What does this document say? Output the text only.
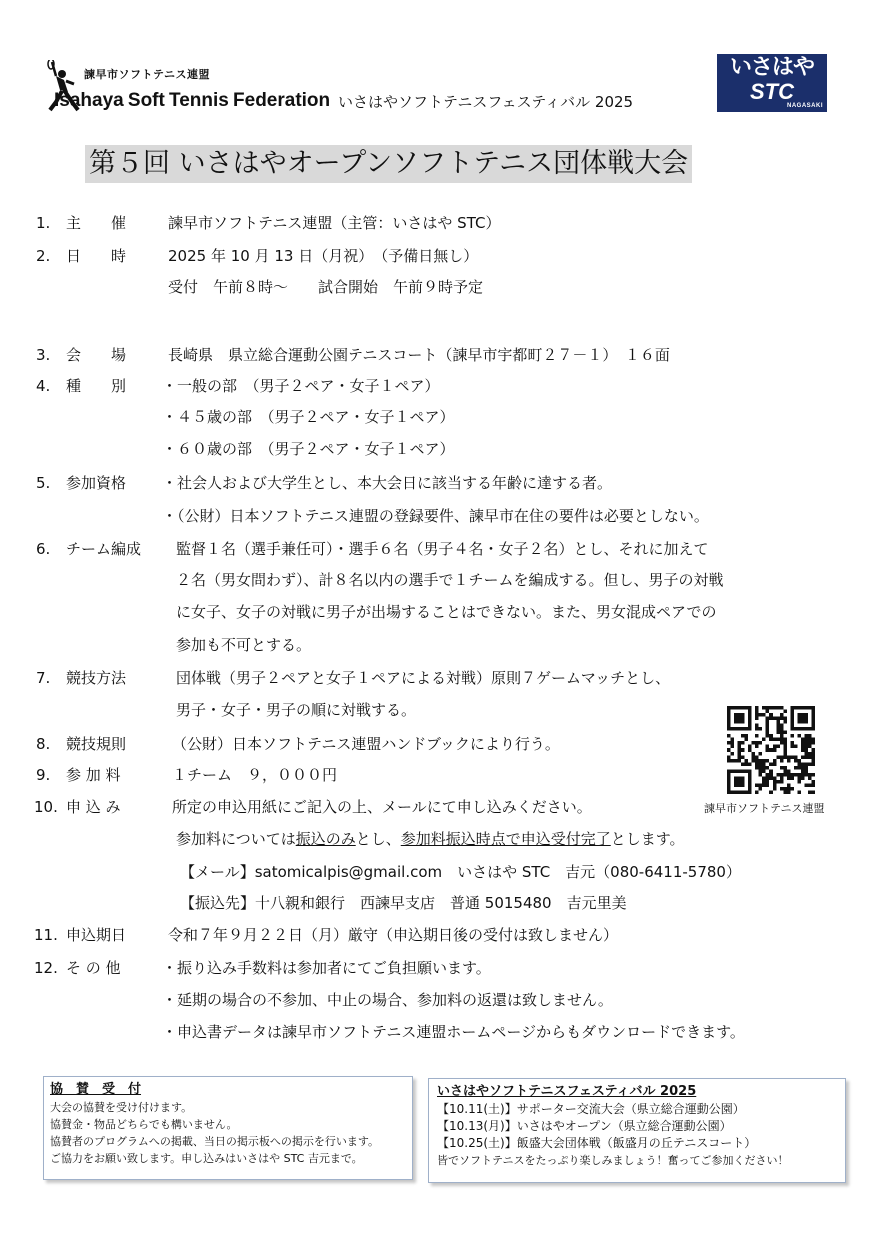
諫早市ソフトテニス連盟
Isahaya Soft Tennis Federation いさはやソフトテニスフェスティバル 2025
いさはや
STC
NAGASAKI
第５回 いさはやオープンソフトテニス団体戦大会
1. 主　　催	諫早市ソフトテニス連盟（主管：いさはや STC）
2. 日　　時	2025 年 10 月 13 日（月祝）　（予備日無し）
受付　午前８時～　　試合開始　午前９時予定
3. 会　　場	長崎県　県立総合運動公園テニスコート（諫早市宇都町２７－１）　１６面
4. 種　　別 ・一般の部　（男子２ペア・女子１ペア）
・４５歳の部　（男子２ペア・女子１ペア）
・６０歳の部　（男子２ペア・女子１ペア）
5. 参加資格 ・社会人および大学生とし、本大会日に該当する年齢に達する者。
・（公財）日本ソフトテニス連盟の登録要件、諫早市在住の要件は必要としない。
6. チーム編成 監督１名（選手兼任可）・選手６名（男子４名・女子２名）とし、それに加えて
２名（男女問わず）、計８名以内の選手で１チームを編成する。但し、男子の対戦
に女子、女子の対戦に男子が出場することはできない。また、男女混成ペアでの
参加も不可とする。
7. 競技方法	団体戦（男子２ペアと女子１ペアによる対戦）原則７ゲームマッチとし、
男子・女子・男子の順に対戦する。
8. 競技規則	（公財）日本ソフトテニス連盟ハンドブックにより行う。
9. 参 加 料	１チーム　９，０００円
10. 申 込 み	所定の申込用紙にご記入の上、メールにて申し込みください。
参加料については振込のみとし、参加料振込時点で申込受付完了とします。
【メール】satomicalpis@gmail.com　いさはや STC　吉元（080-6411-5780）
【振込先】十八親和銀行　西諫早支店　普通 5015480　吉元里美
11. 申込期日	令和７年９月２２日（月）厳守（申込期日後の受付は致しません）
12. そ の 他	・振り込み手数料は参加者にてご負担願います。
・延期の場合の不参加、中止の場合、参加料の返還は致しません。
・申込書データは諫早市ソフトテニス連盟ホームページからもダウンロードできます。
諫早市ソフトテニス連盟
協　賛　受　付
大会の協賛を受け付けます。
協賛金・物品どちらでも構いません。
協賛者のプログラムへの掲載、当日の掲示板への掲示を行います。
ご協力をお願い致します。申し込みはいさはや STC 吉元まで。
いさはやソフトテニスフェスティバル 2025
【10.11(土)】サポーター交流大会（県立総合運動公園）
【10.13(月)】いさはやオープン（県立総合運動公園）
【10.25(土)】飯盛大会団体戦（飯盛月の丘テニスコート）
皆でソフトテニスをたっぷり楽しみましょう！奮ってご参加ください！
